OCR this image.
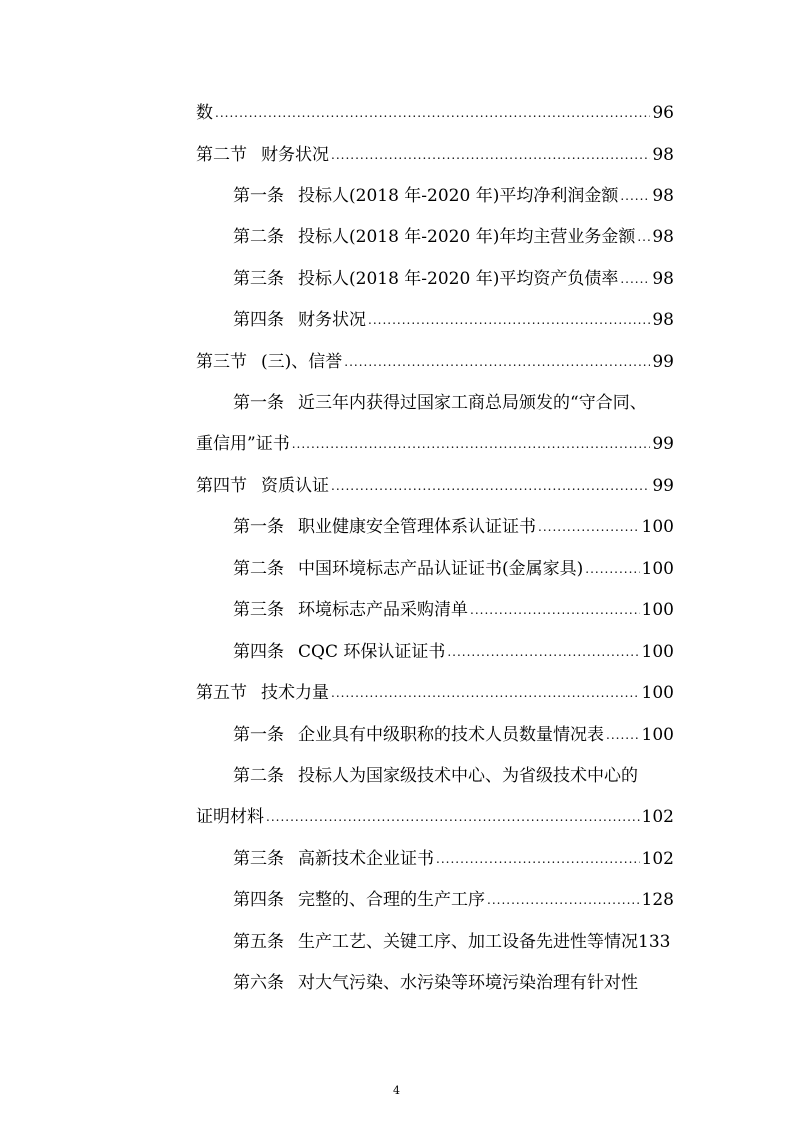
数 .....	96
第二节 财务状况 .....	98
第一条 投标人(2018 年-2020 年)平均净利润金额 ..... 98
第二条 投标人(2018 年-2020 年)年均主营业务金额 ..... 98
第三条 投标人(2018 年-2020 年)平均资产负债率 ..... 98
第四条 财务状况 .....	98
第三节 (三)、信誉 .....	99
第一条 近三年内获得过国家工商总局颁发的“守合同、
重信用”证书 .....	99
第四节 资质认证 .....	99
第一条 职业健康安全管理体系认证证书 .....	100
第二条 中国环境标志产品认证证书(金属家具) .....	100
第三条 环境标志产品采购清单 .....	100
第四条 CQC 环保认证证书 .....	100
第五节 技术力量 .....	100
第一条 企业具有中级职称的技术人员数量情况表 ..... 100
第二条 投标人为国家级技术中心、为省级技术中心的
证明材料 .....	102
第三条 高新技术企业证书 .....	102
第四条 完整的、合理的生产工序 .....	128
第五条 生产工艺、关键工序、加工设备先进性等情况 133
第六条 对大气污染、水污染等环境污染治理有针对性
4
